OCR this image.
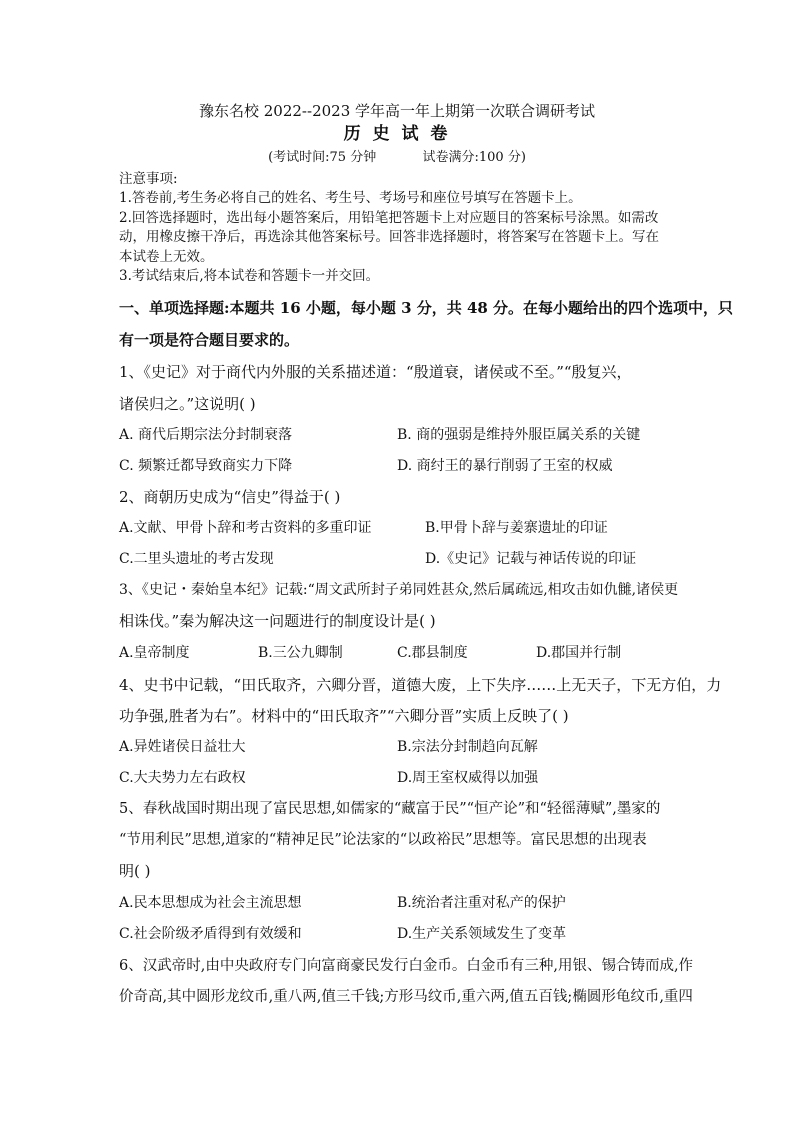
豫东名校 2022--2023 学年高一年上期第一次联合调研考试
历 史 试 卷
(考试时间:75 分钟	试卷满分:100 分)
注意事项:
1.答卷前,考生务必将自己的姓名、考生号、考场号和座位号填写在答题卡上。
2.回答选择题时，选出每小题答案后，用铅笔把答题卡上对应题目的答案标号涂黑。如需改
动，用橡皮擦干净后，再选涂其他答案标号。回答非选择题时，将答案写在答题卡上。写在
本试卷上无效。
3.考试结束后,将本试卷和答题卡一并交回。
一、单项选择题:本题共 16 小题，每小题 3 分，共 48 分。在每小题给出的四个选项中，只
有一项是符合题目要求的。
1、《史记》对于商代内外服的关系描述道：“殷道衰，诸侯或不至。”“殷复兴，
诸侯归之。”这说明( )
A. 商代后期宗法分封制衰落	B. 商的强弱是维持外服臣属关系的关键
C. 频繁迁都导致商实力下降	D. 商纣王的暴行削弱了王室的权威
2、商朝历史成为“信史”得益于( )
A.文献、甲骨卜辞和考古资料的多重印证	B.甲骨卜辞与姜寨遗址的印证
C.二里头遗址的考古发现	D.《史记》记载与神话传说的印证
3、《史记・秦始皇本纪》记载:“周文武所封子弟同姓甚众,然后属疏远,相攻击如仇雠,诸侯更
相诛伐。”秦为解决这一问题进行的制度设计是( )
A.皇帝制度	B.三公九卿制	C.郡县制度	D.郡国并行制
4、史书中记载，“田氏取齐，六卿分晋，道德大废，上下失序……上无天子，下无方伯，力
功争强,胜者为右”。材料中的“田氏取齐”“六卿分晋”实质上反映了( )
A.异姓诸侯日益壮大	B.宗法分封制趋向瓦解
C.大夫势力左右政权	D.周王室权威得以加强
5、春秋战国时期出现了富民思想,如儒家的“藏富于民”“恒产论”和“轻徭薄赋”,墨家的
“节用利民”思想,道家的“精神足民”论法家的“以政裕民”思想等。富民思想的出现表
明( )
A.民本思想成为社会主流思想	B.统治者注重对私产的保护
C.社会阶级矛盾得到有效缓和	D.生产关系领域发生了变革
6、汉武帝时,由中央政府专门向富商豪民发行白金币。白金币有三种,用银、锡合铸而成,作
价奇高,其中圆形龙纹币,重八两,值三千钱;方形马纹币,重六两,值五百钱;椭圆形龟纹币,重四
